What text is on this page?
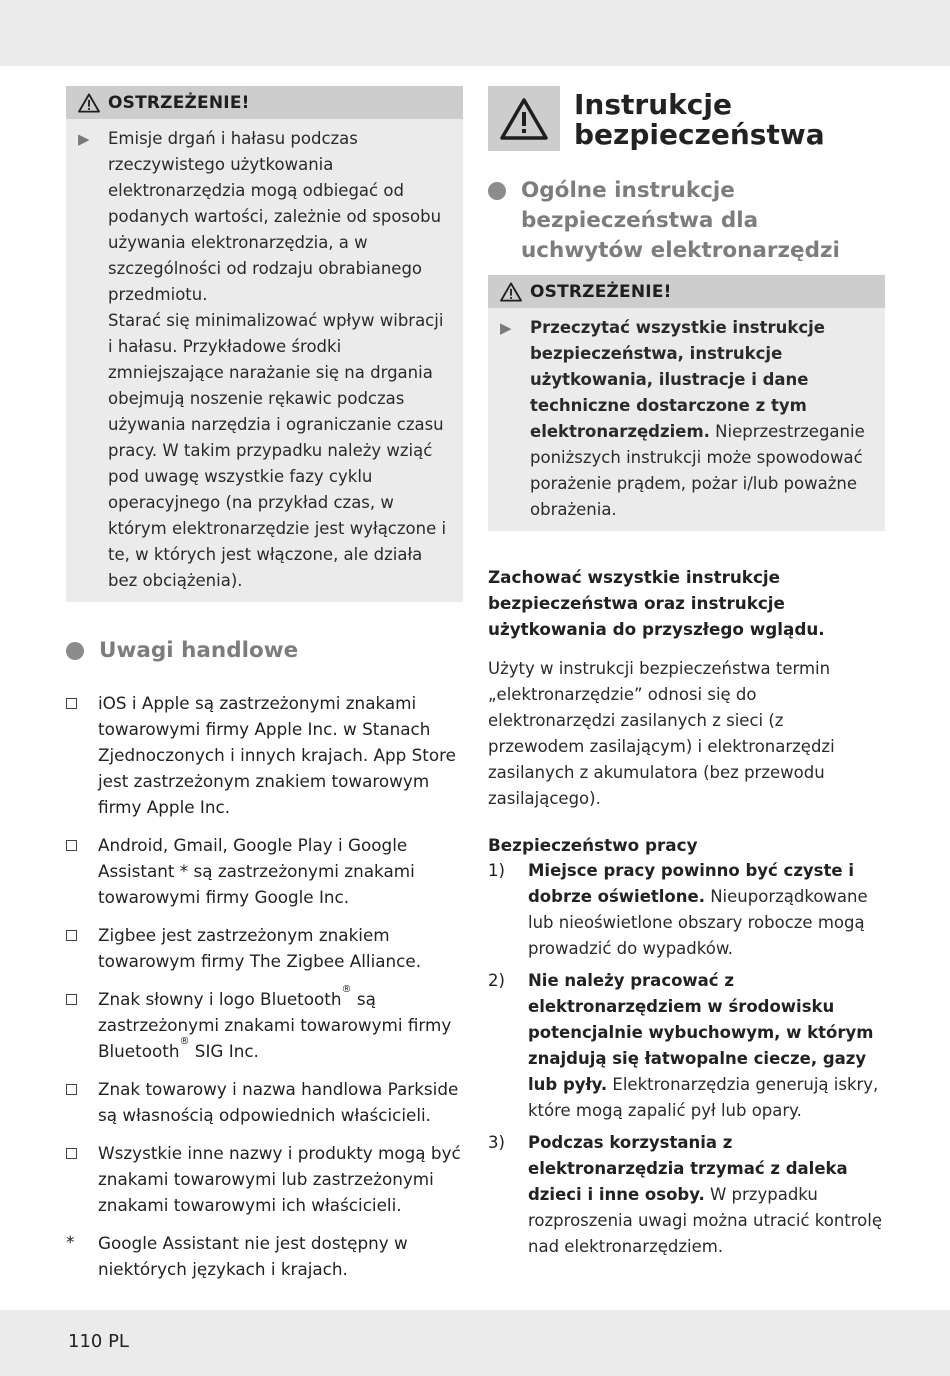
OSTRZEŻENIE!
▶	Emisje drgań i hałasu podczas rzeczywistego użytkowania elektronarzędzia mogą odbiegać od podanych wartości, zależnie od sposobu używania elektronarzędzia, a w szczególności od rodzaju obrabianego przedmiotu.

Starać się minimalizować wpływ wibracji i hałasu. Przykładowe środki zmniejszające narażanie się na drgania obejmują noszenie rękawic podczas używania narzędzia i ograniczanie czasu pracy. W takim przypadku należy wziąć pod uwagę wszystkie fazy cyklu operacyjnego (na przykład czas, w którym elektronarzędzie jest wyłączone i te, w których jest włączone, ale działa bez obciążenia).

Uwagi handlowe
iOS i Apple są zastrzeżonymi znakami towarowymi firmy Apple Inc. w Stanach Zjednoczonych i innych krajach. App Store jest zastrzeżonym znakiem towarowym firmy Apple Inc.
Android, Gmail, Google Play i Google Assistant * są zastrzeżonymi znakami towarowymi firmy Google Inc.
Zigbee jest zastrzeżonym znakiem towarowym firmy The Zigbee Alliance.
Znak słowny i logo Bluetooth® są zastrzeżonymi znakami towarowymi firmy Bluetooth® SIG Inc.
Znak towarowy i nazwa handlowa Parkside są własnością odpowiednich właścicieli.
Wszystkie inne nazwy i produkty mogą być znakami towarowymi lub zastrzeżonymi znakami towarowymi ich właścicieli.
*	Google Assistant nie jest dostępny w niektórych językach i krajach.
Instrukcje bezpieczeństwa
Ogólne instrukcje bezpieczeństwa dla uchwytów elektronarzędzi
OSTRZEŻENIE!
▶	Przeczytać wszystkie instrukcje bezpieczeństwa, instrukcje użytkowania, ilustracje i dane techniczne dostarczone z tym elektronarzędziem. Nieprzestrzeganie poniższych instrukcji może spowodować porażenie prądem, pożar i/lub poważne obrażenia.

Zachować wszystkie instrukcje bezpieczeństwa oraz instrukcje użytkowania do przyszłego wglądu.

Użyty w instrukcji bezpieczeństwa termin „elektronarzędzie” odnosi się do elektronarzędzi zasilanych z sieci (z przewodem zasilającym) i elektronarzędzi zasilanych z akumulatora (bez przewodu zasilającego).

Bezpieczeństwo pracy
1)	Miejsce pracy powinno być czyste i dobrze oświetlone. Nieuporządkowane lub nieoświetlone obszary robocze mogą prowadzić do wypadków.
2)	Nie należy pracować z elektronarzędziem w środowisku potencjalnie wybuchowym, w którym znajdują się łatwopalne ciecze, gazy lub pyły. Elektronarzędzia generują iskry, które mogą zapalić pył lub opary.
3)	Podczas korzystania z elektronarzędzia trzymać z daleka dzieci i inne osoby. W przypadku rozproszenia uwagi można utracić kontrolę nad elektronarzędziem.
110 PL
